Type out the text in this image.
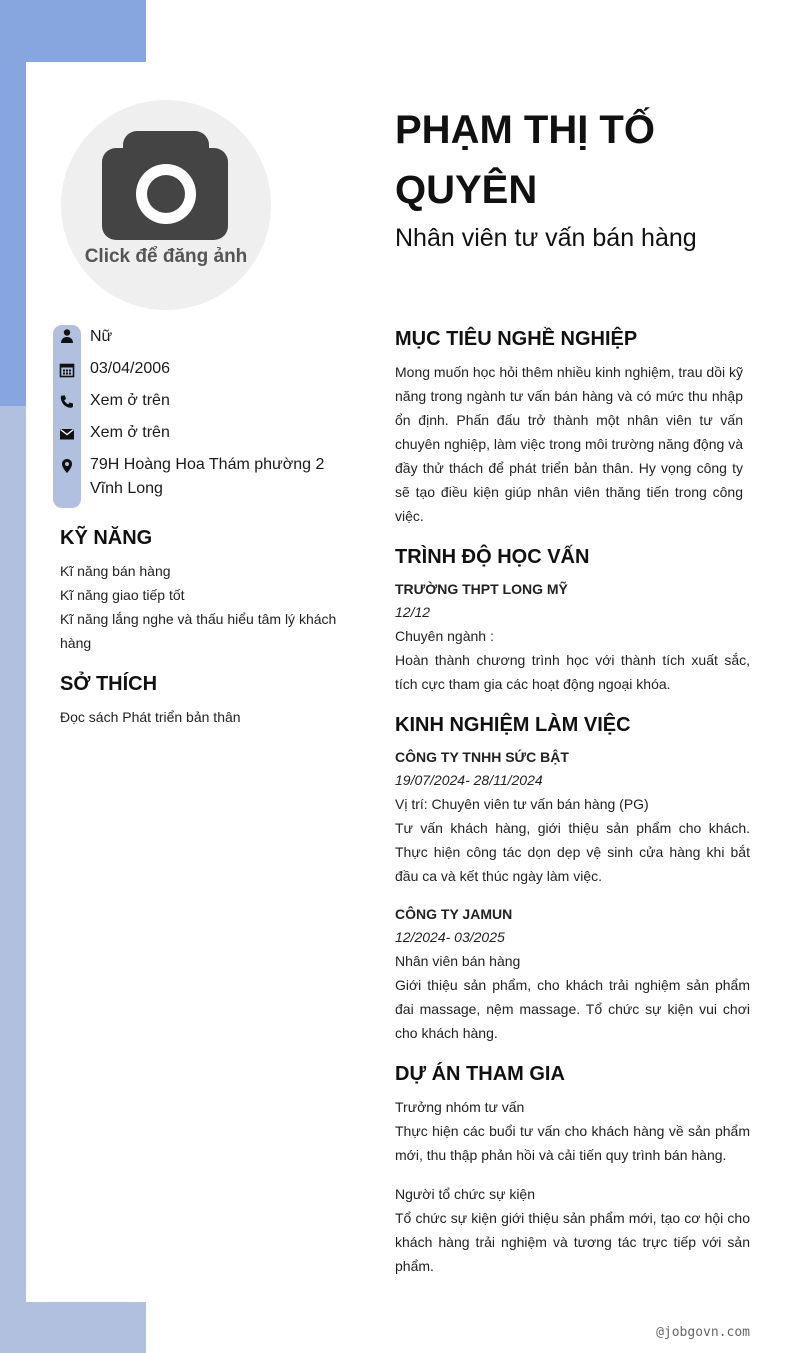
Click để đăng ảnh
PHẠM THỊ TỐ QUYÊN
Nhân viên tư vấn bán hàng
Nữ
03/04/2006
Xem ở trên
Xem ở trên
79H Hoàng Hoa Thám phường 2
Vĩnh Long
KỸ NĂNG
Kĩ năng bán hàng
Kĩ năng giao tiếp tốt
Kĩ năng lắng nghe và thấu hiểu tâm lý khách
hàng
SỞ THÍCH
Đọc sách Phát triển bản thân
MỤC TIÊU NGHỀ NGHIỆP
Mong muốn học hỏi thêm nhiều kinh nghiệm, trau dồi kỹ năng trong ngành tư vấn bán hàng và có mức thu nhập ổn định. Phấn đấu trở thành một nhân viên tư vấn chuyên nghiệp, làm việc trong môi trường năng động và đầy thử thách để phát triển bản thân. Hy vọng công ty sẽ tạo điều kiện giúp nhân viên thăng tiến trong công việc.
TRÌNH ĐỘ HỌC VẤN
TRƯỜNG THPT LONG MỸ
12/12
Chuyên ngành :
Hoàn thành chương trình học với thành tích xuất sắc, tích cực tham gia các hoạt động ngoại khóa.
KINH NGHIỆM LÀM VIỆC
CÔNG TY TNHH SỨC BẬT
19/07/2024- 28/11/2024
Vị trí: Chuyên viên tư vấn bán hàng (PG)
Tư vấn khách hàng, giới thiệu sản phẩm cho khách. Thực hiện công tác dọn dẹp vệ sinh cửa hàng khi bắt đầu ca và kết thúc ngày làm việc.
CÔNG TY JAMUN
12/2024- 03/2025
Nhân viên bán hàng
Giới thiệu sản phẩm, cho khách trải nghiệm sản phẩm đai massage, nệm massage. Tổ chức sự kiện vui chơi cho khách hàng.
DỰ ÁN THAM GIA
Trưởng nhóm tư vấn
Thực hiện các buổi tư vấn cho khách hàng về sản phẩm mới, thu thập phản hồi và cải tiến quy trình bán hàng.
Người tổ chức sự kiện
Tổ chức sự kiện giới thiệu sản phẩm mới, tạo cơ hội cho khách hàng trải nghiệm và tương tác trực tiếp với sản phẩm.
@jobgovn.com
